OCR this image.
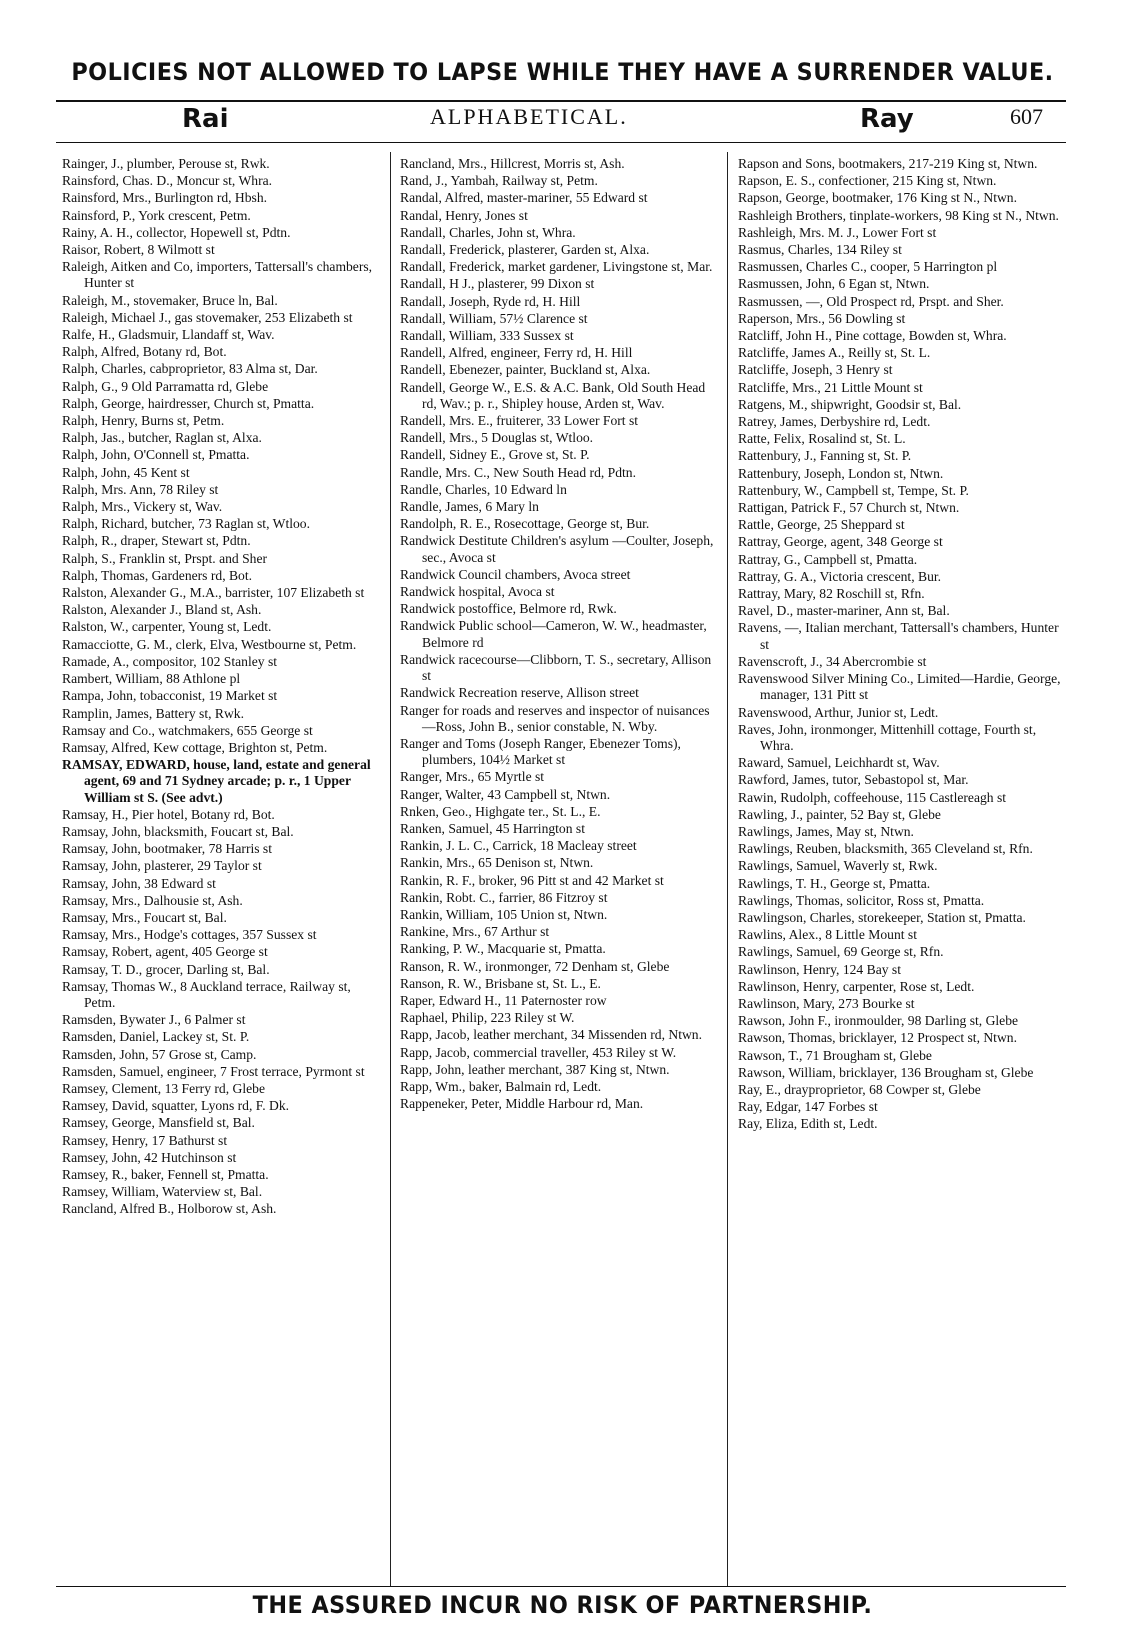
POLICIES NOT ALLOWED TO LAPSE WHILE THEY HAVE A SURRENDER VALUE.
Rai	ALPHABETICAL.	Ray	607
Rainger, J., plumber, Perouse st, Rwk.
Rainsford, Chas. D., Moncur st, Whra.
Rainsford, Mrs., Burlington rd, Hbsh.
Rainsford, P., York crescent, Petm.
Rainy, A. H., collector, Hopewell st, Pdtn.
Raisor, Robert, 8 Wilmott st
Raleigh, Aitken and Co, importers, Tattersall's chambers, Hunter st
Raleigh, M., stovemaker, Bruce ln, Bal.
Raleigh, Michael J., gas stovemaker, 253 Elizabeth st
Ralfe, H., Gladsmuir, Llandaff st, Wav.
Ralph, Alfred, Botany rd, Bot.
Ralph, Charles, cabproprietor, 83 Alma st, Dar.
Ralph, G., 9 Old Parramatta rd, Glebe
Ralph, George, hairdresser, Church st, Pmatta.
Ralph, Henry, Burns st, Petm.
Ralph, Jas., butcher, Raglan st, Alxa.
Ralph, John, O'Connell st, Pmatta.
Ralph, John, 45 Kent st
Ralph, Mrs. Ann, 78 Riley st
Ralph, Mrs., Vickery st, Wav.
Ralph, Richard, butcher, 73 Raglan st, Wtloo.
Ralph, R., draper, Stewart st, Pdtn.
Ralph, S., Franklin st, Prspt. and Sher
Ralph, Thomas, Gardeners rd, Bot.
Ralston, Alexander G., M.A., barrister, 107 Elizabeth st
Ralston, Alexander J., Bland st, Ash.
Ralston, W., carpenter, Young st, Ledt.
Ramacciotte, G. M., clerk, Elva, Westbourne st, Petm.
Ramade, A., compositor, 102 Stanley st
Rambert, William, 88 Athlone pl
Rampa, John, tobacconist, 19 Market st
Ramplin, James, Battery st, Rwk.
Ramsay and Co., watchmakers, 655 George st
Ramsay, Alfred, Kew cottage, Brighton st, Petm.
RAMSAY, EDWARD, house, land, estate and general agent, 69 and 71 Sydney arcade; p. r., 1 Upper William st S. (See advt.)
Ramsay, H., Pier hotel, Botany rd, Bot.
Ramsay, John, blacksmith, Foucart st, Bal.
Ramsay, John, bootmaker, 78 Harris st
Ramsay, John, plasterer, 29 Taylor st
Ramsay, John, 38 Edward st
Ramsay, Mrs., Dalhousie st, Ash.
Ramsay, Mrs., Foucart st, Bal.
Ramsay, Mrs., Hodge's cottages, 357 Sussex st
Ramsay, Robert, agent, 405 George st
Ramsay, T. D., grocer, Darling st, Bal.
Ramsay, Thomas W., 8 Auckland terrace, Railway st, Petm.
Ramsden, Bywater J., 6 Palmer st
Ramsden, Daniel, Lackey st, St. P.
Ramsden, John, 57 Grose st, Camp.
Ramsden, Samuel, engineer, 7 Frost terrace, Pyrmont st
Ramsey, Clement, 13 Ferry rd, Glebe
Ramsey, David, squatter, Lyons rd, F. Dk.
Ramsey, George, Mansfield st, Bal.
Ramsey, Henry, 17 Bathurst st
Ramsey, John, 42 Hutchinson st
Ramsey, R., baker, Fennell st, Pmatta.
Ramsey, William, Waterview st, Bal.
Rancland, Alfred B., Holborow st, Ash.
Rancland, Mrs., Hillcrest, Morris st, Ash.
Rand, J., Yambah, Railway st, Petm.
Randal, Alfred, master-mariner, 55 Edward st
Randal, Henry, Jones st
Randall, Charles, John st, Whra.
Randall, Frederick, plasterer, Garden st, Alxa.
Randall, Frederick, market gardener, Livingstone st, Mar.
Randall, H J., plasterer, 99 Dixon st
Randall, Joseph, Ryde rd, H. Hill
Randall, William, 57½ Clarence st
Randall, William, 333 Sussex st
Randell, Alfred, engineer, Ferry rd, H. Hill
Randell, Ebenezer, painter, Buckland st, Alxa.
Randell, George W., E.S. & A.C. Bank, Old South Head rd, Wav.; p. r., Shipley house, Arden st, Wav.
Randell, Mrs. E., fruiterer, 33 Lower Fort st
Randell, Mrs., 5 Douglas st, Wtloo.
Randell, Sidney E., Grove st, St. P.
Randle, Mrs. C., New South Head rd, Pdtn.
Randle, Charles, 10 Edward ln
Randle, James, 6 Mary ln
Randolph, R. E., Rosecottage, George st, Bur.
Randwick Destitute Children's asylum —Coulter, Joseph, sec., Avoca st
Randwick Council chambers, Avoca street
Randwick hospital, Avoca st
Randwick postoffice, Belmore rd, Rwk.
Randwick Public school—Cameron, W. W., headmaster, Belmore rd
Randwick racecourse—Clibborn, T. S., secretary, Allison st
Randwick Recreation reserve, Allison street
Ranger for roads and reserves and inspector of nuisances—Ross, John B., senior constable, N. Wby.
Ranger and Toms (Joseph Ranger, Ebenezer Toms), plumbers, 104½ Market st
Ranger, Mrs., 65 Myrtle st
Ranger, Walter, 43 Campbell st, Ntwn.
Rnken, Geo., Highgate ter., St. L., E.
Ranken, Samuel, 45 Harrington st
Rankin, J. L. C., Carrick, 18 Macleay street
Rankin, Mrs., 65 Denison st, Ntwn.
Rankin, R. F., broker, 96 Pitt st and 42 Market st
Rankin, Robt. C., farrier, 86 Fitzroy st
Rankin, William, 105 Union st, Ntwn.
Rankine, Mrs., 67 Arthur st
Ranking, P. W., Macquarie st, Pmatta.
Ranson, R. W., ironmonger, 72 Denham st, Glebe
Ranson, R. W., Brisbane st, St. L., E.
Raper, Edward H., 11 Paternoster row
Raphael, Philip, 223 Riley st W.
Rapp, Jacob, leather merchant, 34 Missenden rd, Ntwn.
Rapp, Jacob, commercial traveller, 453 Riley st W.
Rapp, John, leather merchant, 387 King st, Ntwn.
Rapp, Wm., baker, Balmain rd, Ledt.
Rappeneker, Peter, Middle Harbour rd, Man.
Rapson and Sons, bootmakers, 217-219 King st, Ntwn.
Rapson, E. S., confectioner, 215 King st, Ntwn.
Rapson, George, bootmaker, 176 King st N., Ntwn.
Rashleigh Brothers, tinplate-workers, 98 King st N., Ntwn.
Rashleigh, Mrs. M. J., Lower Fort st
Rasmus, Charles, 134 Riley st
Rasmussen, Charles C., cooper, 5 Harrington pl
Rasmussen, John, 6 Egan st, Ntwn.
Rasmussen, —, Old Prospect rd, Prspt. and Sher.
Raperson, Mrs., 56 Dowling st
Ratcliff, John H., Pine cottage, Bowden st, Whra.
Ratcliffe, James A., Reilly st, St. L.
Ratcliffe, Joseph, 3 Henry st
Ratcliffe, Mrs., 21 Little Mount st
Ratgens, M., shipwright, Goodsir st, Bal.
Ratrey, James, Derbyshire rd, Ledt.
Ratte, Felix, Rosalind st, St. L.
Rattenbury, J., Fanning st, St. P.
Rattenbury, Joseph, London st, Ntwn.
Rattenbury, W., Campbell st, Tempe, St. P.
Rattigan, Patrick F., 57 Church st, Ntwn.
Rattle, George, 25 Sheppard st
Rattray, George, agent, 348 George st
Rattray, G., Campbell st, Pmatta.
Rattray, G. A., Victoria crescent, Bur.
Rattray, Mary, 82 Roschill st, Rfn.
Ravel, D., master-mariner, Ann st, Bal.
Ravens, —, Italian merchant, Tattersall's chambers, Hunter st
Ravenscroft, J., 34 Abercrombie st
Ravenswood Silver Mining Co., Limited—Hardie, George, manager, 131 Pitt st
Ravenswood, Arthur, Junior st, Ledt.
Raves, John, ironmonger, Mittenhill cottage, Fourth st, Whra.
Raward, Samuel, Leichhardt st, Wav.
Rawford, James, tutor, Sebastopol st, Mar.
Rawin, Rudolph, coffeehouse, 115 Castlereagh st
Rawling, J., painter, 52 Bay st, Glebe
Rawlings, James, May st, Ntwn.
Rawlings, Reuben, blacksmith, 365 Cleveland st, Rfn.
Rawlings, Samuel, Waverly st, Rwk.
Rawlings, T. H., George st, Pmatta.
Rawlings, Thomas, solicitor, Ross st, Pmatta.
Rawlingson, Charles, storekeeper, Station st, Pmatta.
Rawlins, Alex., 8 Little Mount st
Rawlings, Samuel, 69 George st, Rfn.
Rawlinson, Henry, 124 Bay st
Rawlinson, Henry, carpenter, Rose st, Ledt.
Rawlinson, Mary, 273 Bourke st
Rawson, John F., ironmoulder, 98 Darling st, Glebe
Rawson, Thomas, bricklayer, 12 Prospect st, Ntwn.
Rawson, T., 71 Brougham st, Glebe
Rawson, William, bricklayer, 136 Brougham st, Glebe
Ray, E., drayproprietor, 68 Cowper st, Glebe
Ray, Edgar, 147 Forbes st
Ray, Eliza, Edith st, Ledt.
THE ASSURED INCUR NO RISK OF PARTNERSHIP.
